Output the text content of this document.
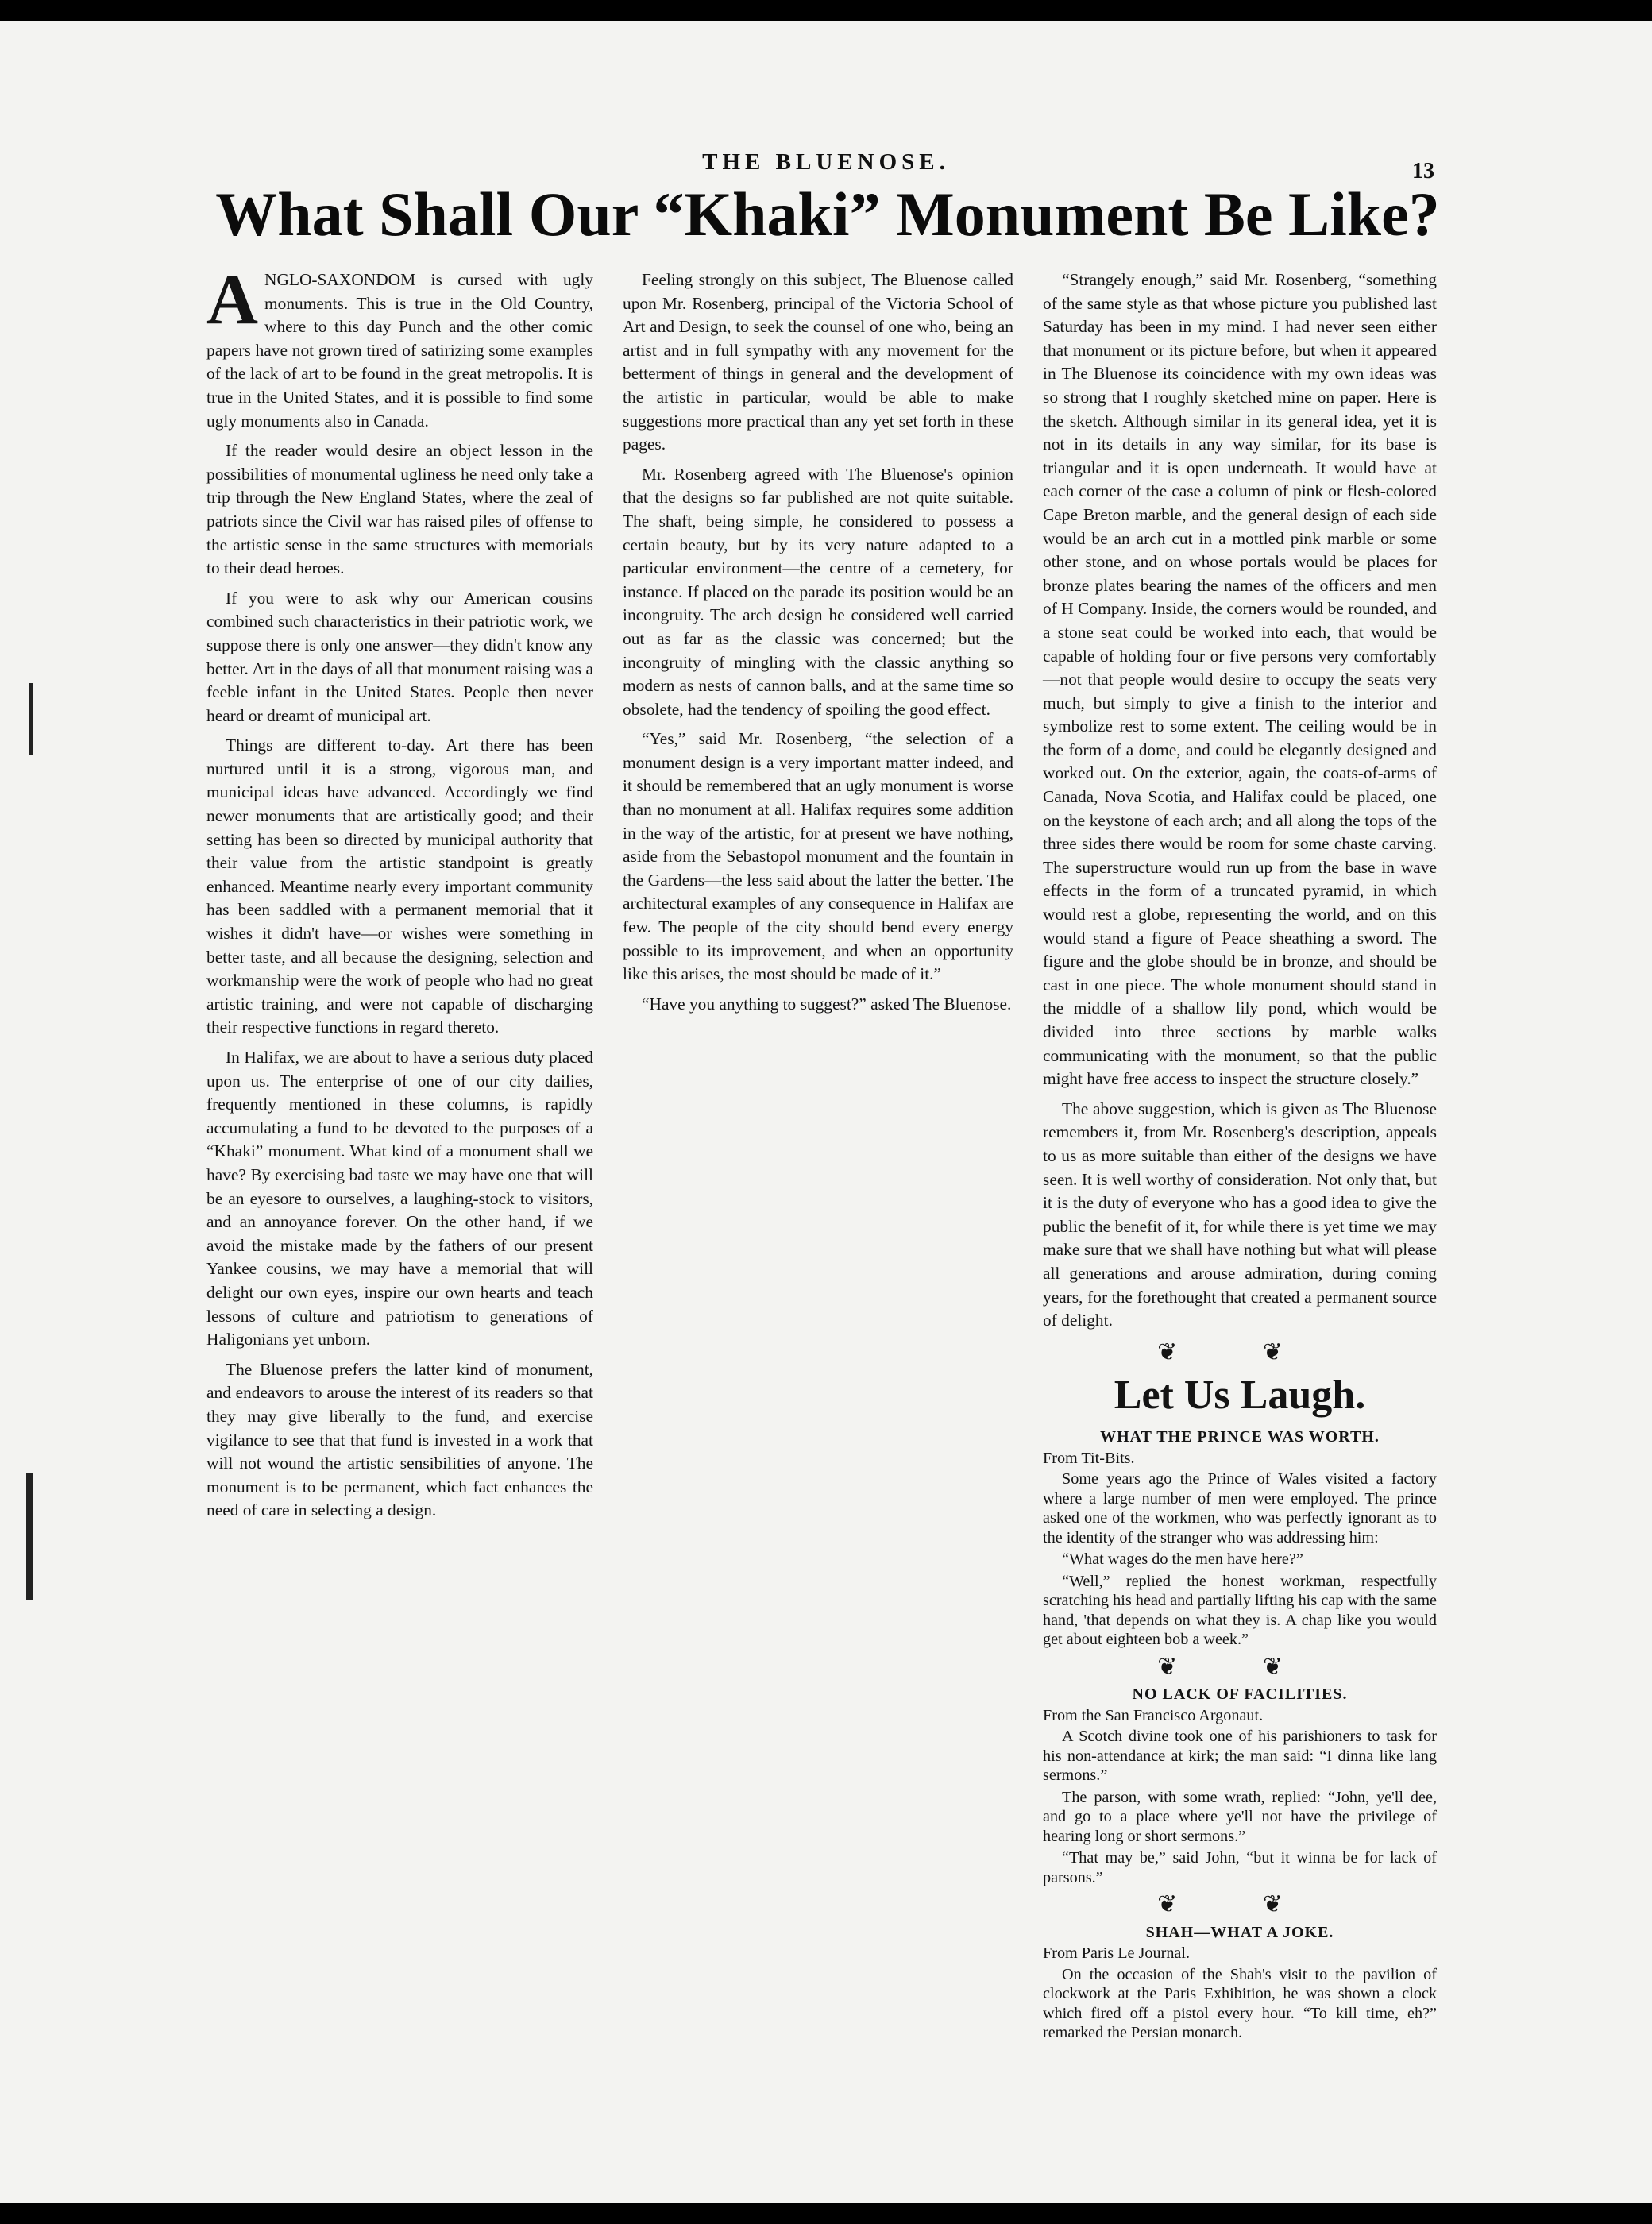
THE BLUENOSE.	13
What Shall Our “Khaki” Monument Be Like?

ANGLO-SAXONDOM is cursed with ugly monuments. This is true in the Old Country, where to this day Punch and the other comic papers have not grown tired of satirizing some examples of the lack of art to be found in the great metropolis. It is true in the United States, and it is possible to find some ugly monuments also in Canada.

If the reader would desire an object lesson in the possibilities of monumental ugliness he need only take a trip through the New England States, where the zeal of patriots since the Civil war has raised piles of offense to the artistic sense in the same structures with memorials to their dead heroes.

If you were to ask why our American cousins combined such characteristics in their patriotic work, we suppose there is only one answer—they didn't know any better. Art in the days of all that monument raising was a feeble infant in the United States. People then never heard or dreamt of municipal art.

Things are different to-day. Art there has been nurtured until it is a strong, vigorous man, and municipal ideas have advanced. Accordingly we find newer monuments that are artistically good; and their setting has been so directed by municipal authority that their value from the artistic standpoint is greatly enhanced. Meantime nearly every important community has been saddled with a permanent memorial that it wishes it didn't have—or wishes were something in better taste, and all because the designing, selection and workmanship were the work of people who had no great artistic training, and were not capable of discharging their respective functions in regard thereto.

In Halifax, we are about to have a serious duty placed upon us. The enterprise of one of our city dailies, frequently mentioned in these columns, is rapidly accumulating a fund to be devoted to the purposes of a “Khaki” monument. What kind of a monument shall we have? By exercising bad taste we may have one that will be an eyesore to ourselves, a laughing-stock to visitors, and an annoyance forever. On the other hand, if we avoid the mistake made by the fathers of our present Yankee cousins, we may have a memorial that will delight our own eyes, inspire our own hearts and teach lessons of culture and patriotism to generations of Haligonians yet unborn.

The Bluenose prefers the latter kind of monument, and endeavors to arouse the interest of its readers so that they may give liberally to the fund, and exercise vigilance to see that that fund is invested in a work that will not wound the artistic sensibilities of anyone. The monument is to be permanent, which fact enhances the need of care in selecting a design.

Feeling strongly on this subject, The Bluenose called upon Mr. Rosenberg, principal of the Victoria School of Art and Design, to seek the counsel of one who, being an artist and in full sympathy with any movement for the betterment of things in general and the development of the artistic in particular, would be able to make suggestions more practical than any yet set forth in these pages.

Mr. Rosenberg agreed with The Bluenose's opinion that the designs so far published are not quite suitable. The shaft, being simple, he considered to possess a certain beauty, but by its very nature adapted to a particular environment—the centre of a cemetery, for instance. If placed on the parade its position would be an incongruity. The arch design he considered well carried out as far as the classic was concerned; but the incongruity of mingling with the classic anything so modern as nests of cannon balls, and at the same time so obsolete, had the tendency of spoiling the good effect.

“Yes,” said Mr. Rosenberg, “the selection of a monument design is a very important matter indeed, and it should be remembered that an ugly monument is worse than no monument at all. Halifax requires some addition in the way of the artistic, for at present we have nothing, aside from the Sebastopol monument and the fountain in the Gardens—the less said about the latter the better. The architectural examples of any consequence in Halifax are few. The people of the city should bend every energy possible to its improvement, and when an opportunity like this arises, the most should be made of it.”

“Have you anything to suggest?” asked The Bluenose.

“Strangely enough,” said Mr. Rosenberg, “something of the same style as that whose picture you published last Saturday has been in my mind. I had never seen either that monument or its picture before, but when it appeared in The Bluenose its coincidence with my own ideas was so strong that I roughly sketched mine on paper. Here is the sketch. Although similar in its general idea, yet it is not in its details in any way similar, for its base is triangular and it is open underneath. It would have at each corner of the case a column of pink or flesh-colored Cape Breton marble, and the general design of each side would be an arch cut in a mottled pink marble or some other stone, and on whose portals would be places for bronze plates bearing the names of the officers and men of H Company. Inside, the corners would be rounded, and a stone seat could be worked into each, that would be capable of holding four or five persons very comfortably—not that people would desire to occupy the seats very much, but simply to give a finish to the interior and symbolize rest to some extent. The ceiling would be in the form of a dome, and could be elegantly designed and worked out. On the exterior, again, the coats-of-arms of Canada, Nova Scotia, and Halifax could be placed, one on the keystone of each arch; and all along the tops of the three sides there would be room for some chaste carving. The superstructure would run up from the base in wave effects in the form of a truncated pyramid, in which would rest a globe, representing the world, and on this would stand a figure of Peace sheathing a sword. The figure and the globe should be in bronze, and should be cast in one piece. The whole monument should stand in the middle of a shallow lily pond, which would be divided into three sections by marble walks communicating with the monument, so that the public might have free access to inspect the structure closely.”

The above suggestion, which is given as The Bluenose remembers it, from Mr. Rosenberg's description, appeals to us as more suitable than either of the designs we have seen. It is well worthy of consideration. Not only that, but it is the duty of everyone who has a good idea to give the public the benefit of it, for while there is yet time we may make sure that we shall have nothing but what will please all generations and arouse admiration, during coming years, for the forethought that created a permanent source of delight.

❦ ❦
Let Us Laugh.
WHAT THE PRINCE WAS WORTH.

From Tit-Bits.

Some years ago the Prince of Wales visited a factory where a large number of men were employed. The prince asked one of the workmen, who was perfectly ignorant as to the identity of the stranger who was addressing him:

“What wages do the men have here?”

“Well,” replied the honest workman, respectfully scratching his head and partially lifting his cap with the same hand, 'that depends on what they is. A chap like you would get about eighteen bob a week.”

❦ ❦
NO LACK OF FACILITIES.

From the San Francisco Argonaut.

A Scotch divine took one of his parishioners to task for his non-attendance at kirk; the man said: “I dinna like lang sermons.”

The parson, with some wrath, replied: “John, ye'll dee, and go to a place where ye'll not have the privilege of hearing long or short sermons.”

“That may be,” said John, “but it winna be for lack of parsons.”

❦ ❦
SHAH—WHAT A JOKE.

From Paris Le Journal.

On the occasion of the Shah's visit to the pavilion of clockwork at the Paris Exhibition, he was shown a clock which fired off a pistol every hour. “To kill time, eh?” remarked the Persian monarch.
